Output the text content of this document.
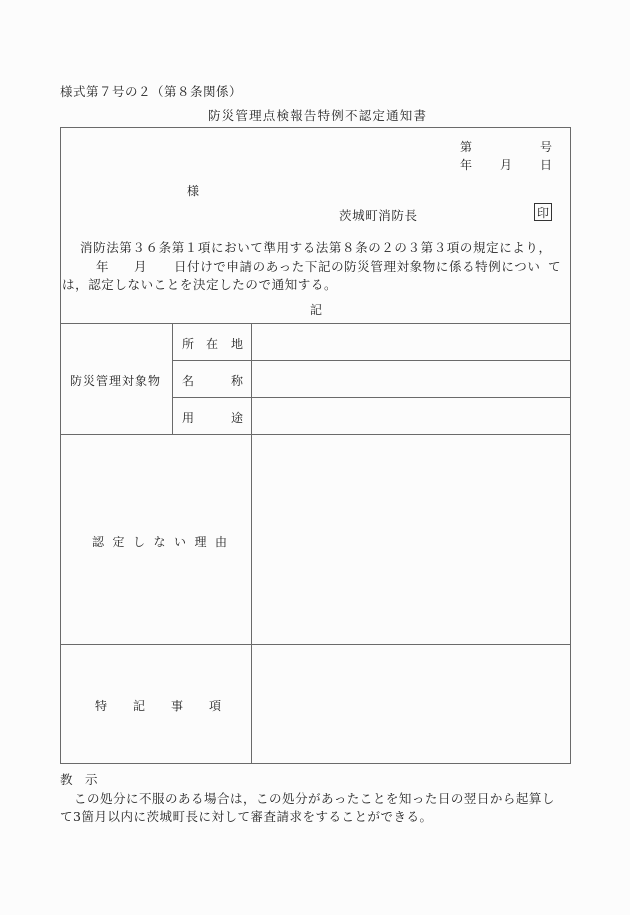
様式第７号の２（第８条関係）
防災管理点検報告特例不認定通知書
第	号
年 月 日
様
茨城町消防長	印
消防法第３６条第１項において準用する法第８条の２の３第３項の規定により，
年 月 日付けで申請のあった下記の防災管理対象物に係る特例につい て
は，認定しないことを決定したので通知する。
記
防災管理対象物
所 在 地
名	称
用	途
認定しない理由
特記事項
教　示
この処分に不服のある場合は，この処分があったことを知った日の翌日から起算し
て3箇月以内に茨城町長に対して審査請求をすることができる。
